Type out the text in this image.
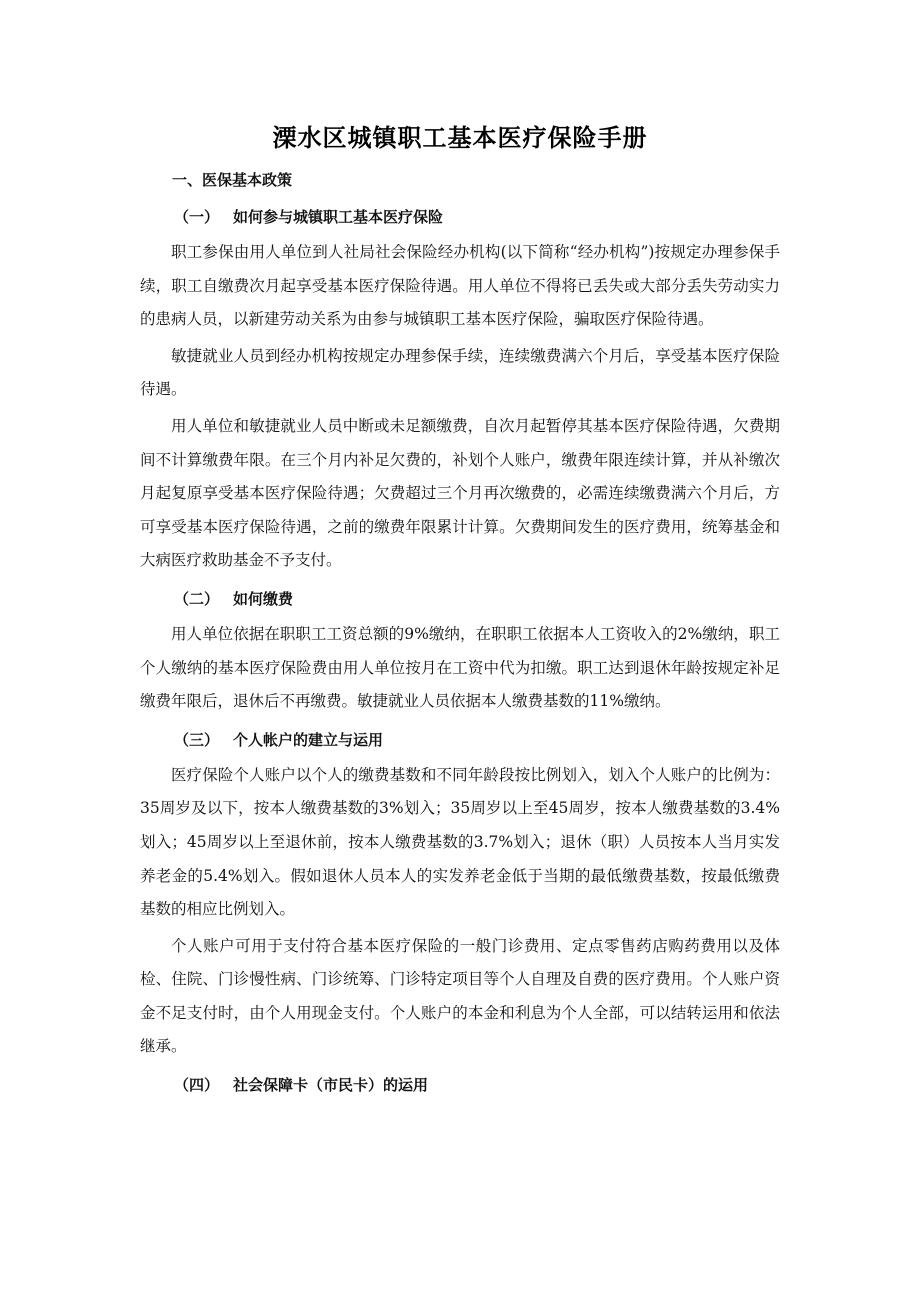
溧水区城镇职工基本医疗保险手册
一、医保基本政策
（一） 如何参与城镇职工基本医疗保险

职工参保由用人单位到人社局社会保险经办机构(以下简称“经办机构”)按规定办理参保手续，职工自缴费次月起享受基本医疗保险待遇。用人单位不得将已丢失或大部分丢失劳动实力的患病人员，以新建劳动关系为由参与城镇职工基本医疗保险，骗取医疗保险待遇。

敏捷就业人员到经办机构按规定办理参保手续，连续缴费满六个月后，享受基本医疗保险待遇。

用人单位和敏捷就业人员中断或未足额缴费，自次月起暂停其基本医疗保险待遇，欠费期间不计算缴费年限。在三个月内补足欠费的，补划个人账户，缴费年限连续计算，并从补缴次月起复原享受基本医疗保险待遇；欠费超过三个月再次缴费的，必需连续缴费满六个月后，方可享受基本医疗保险待遇，之前的缴费年限累计计算。欠费期间发生的医疗费用，统筹基金和大病医疗救助基金不予支付。

（二） 如何缴费

用人单位依据在职职工工资总额的9%缴纳，在职职工依据本人工资收入的2%缴纳，职工个人缴纳的基本医疗保险费由用人单位按月在工资中代为扣缴。职工达到退休年龄按规定补足缴费年限后，退休后不再缴费。敏捷就业人员依据本人缴费基数的11%缴纳。

（三） 个人帐户的建立与运用

医疗保险个人账户以个人的缴费基数和不同年龄段按比例划入，划入个人账户的比例为：35周岁及以下，按本人缴费基数的3%划入；35周岁以上至45周岁，按本人缴费基数的3.4%划入；45周岁以上至退休前，按本人缴费基数的3.7%划入；退休（职）人员按本人当月实发养老金的5.4%划入。假如退休人员本人的实发养老金低于当期的最低缴费基数，按最低缴费基数的相应比例划入。

个人账户可用于支付符合基本医疗保险的一般门诊费用、定点零售药店购药费用以及体检、住院、门诊慢性病、门诊统筹、门诊特定项目等个人自理及自费的医疗费用。个人账户资金不足支付时，由个人用现金支付。个人账户的本金和利息为个人全部，可以结转运用和依法继承。

（四） 社会保障卡（市民卡）的运用
